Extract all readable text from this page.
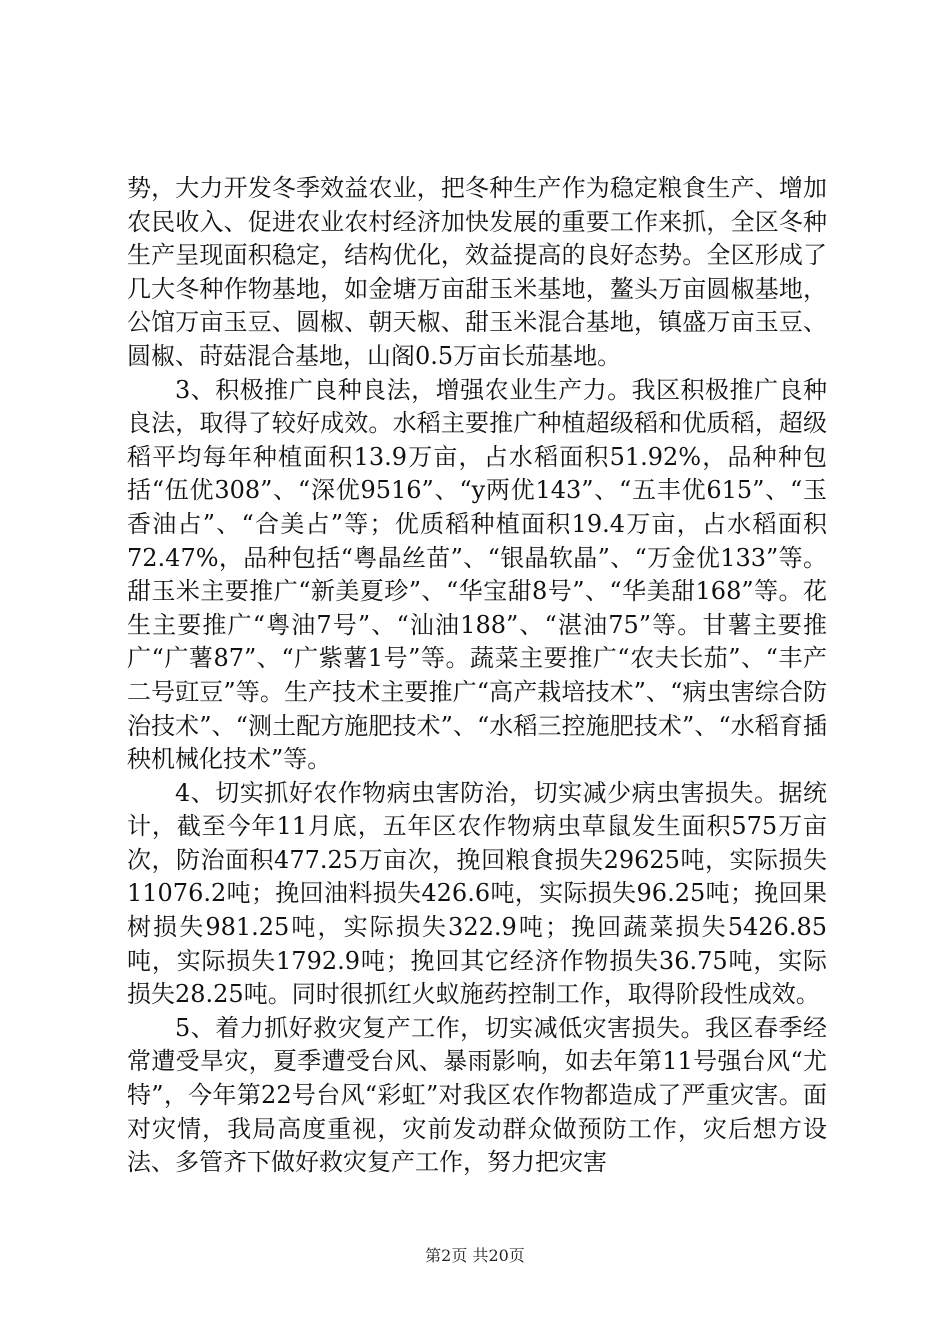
势，大力开发冬季效益农业，把冬种生产作为稳定粮食生产、增加农民收入、促进农业农村经济加快发展的重要工作来抓，全区冬种生产呈现面积稳定，结构优化，效益提高的良好态势。全区形成了几大冬种作物基地，如金塘万亩甜玉米基地，鳌头万亩圆椒基地，公馆万亩玉豆、圆椒、朝天椒、甜玉米混合基地，镇盛万亩玉豆、圆椒、莳菇混合基地，山阁0.5万亩长茄基地。

3、积极推广良种良法，增强农业生产力。我区积极推广良种良法，取得了较好成效。水稻主要推广种植超级稻和优质稻，超级稻平均每年种植面积13.9万亩，占水稻面积51.92%，品种种包括“伍优308”、“深优9516”、“y两优143”、“五丰优615”、“玉香油占”、“合美占”等；优质稻种植面积19.4万亩，占水稻面积72.47%，品种包括“粤晶丝苗”、“银晶软晶”、“万金优133”等。甜玉米主要推广“新美夏珍”、“华宝甜8号”、“华美甜168”等。花生主要推广“粤油7号”、“汕油188”、“湛油75”等。甘薯主要推广“广薯87”、“广紫薯1号”等。蔬菜主要推广“农夫长茄”、“丰产二号豇豆”等。生产技术主要推广“高产栽培技术”、“病虫害综合防治技术”、“测土配方施肥技术”、“水稻三控施肥技术”、“水稻育插秧机械化技术”等。

4、切实抓好农作物病虫害防治，切实减少病虫害损失。据统计，截至今年11月底，五年区农作物病虫草鼠发生面积575万亩次，防治面积477.25万亩次，挽回粮食损失29625吨，实际损失11076.2吨；挽回油料损失426.6吨，实际损失96.25吨；挽回果树损失981.25吨，实际损失322.9吨；挽回蔬菜损失5426.85吨，实际损失1792.9吨；挽回其它经济作物损失36.75吨，实际损失28.25吨。同时很抓红火蚁施药控制工作，取得阶段性成效。

5、着力抓好救灾复产工作，切实减低灾害损失。我区春季经常遭受旱灾，夏季遭受台风、暴雨影响，如去年第11号强台风“尤特”，今年第22号台风“彩虹”对我区农作物都造成了严重灾害。面对灾情，我局高度重视，灾前发动群众做预防工作，灾后想方设法、多管齐下做好救灾复产工作，努力把灾害

第2页 共20页
